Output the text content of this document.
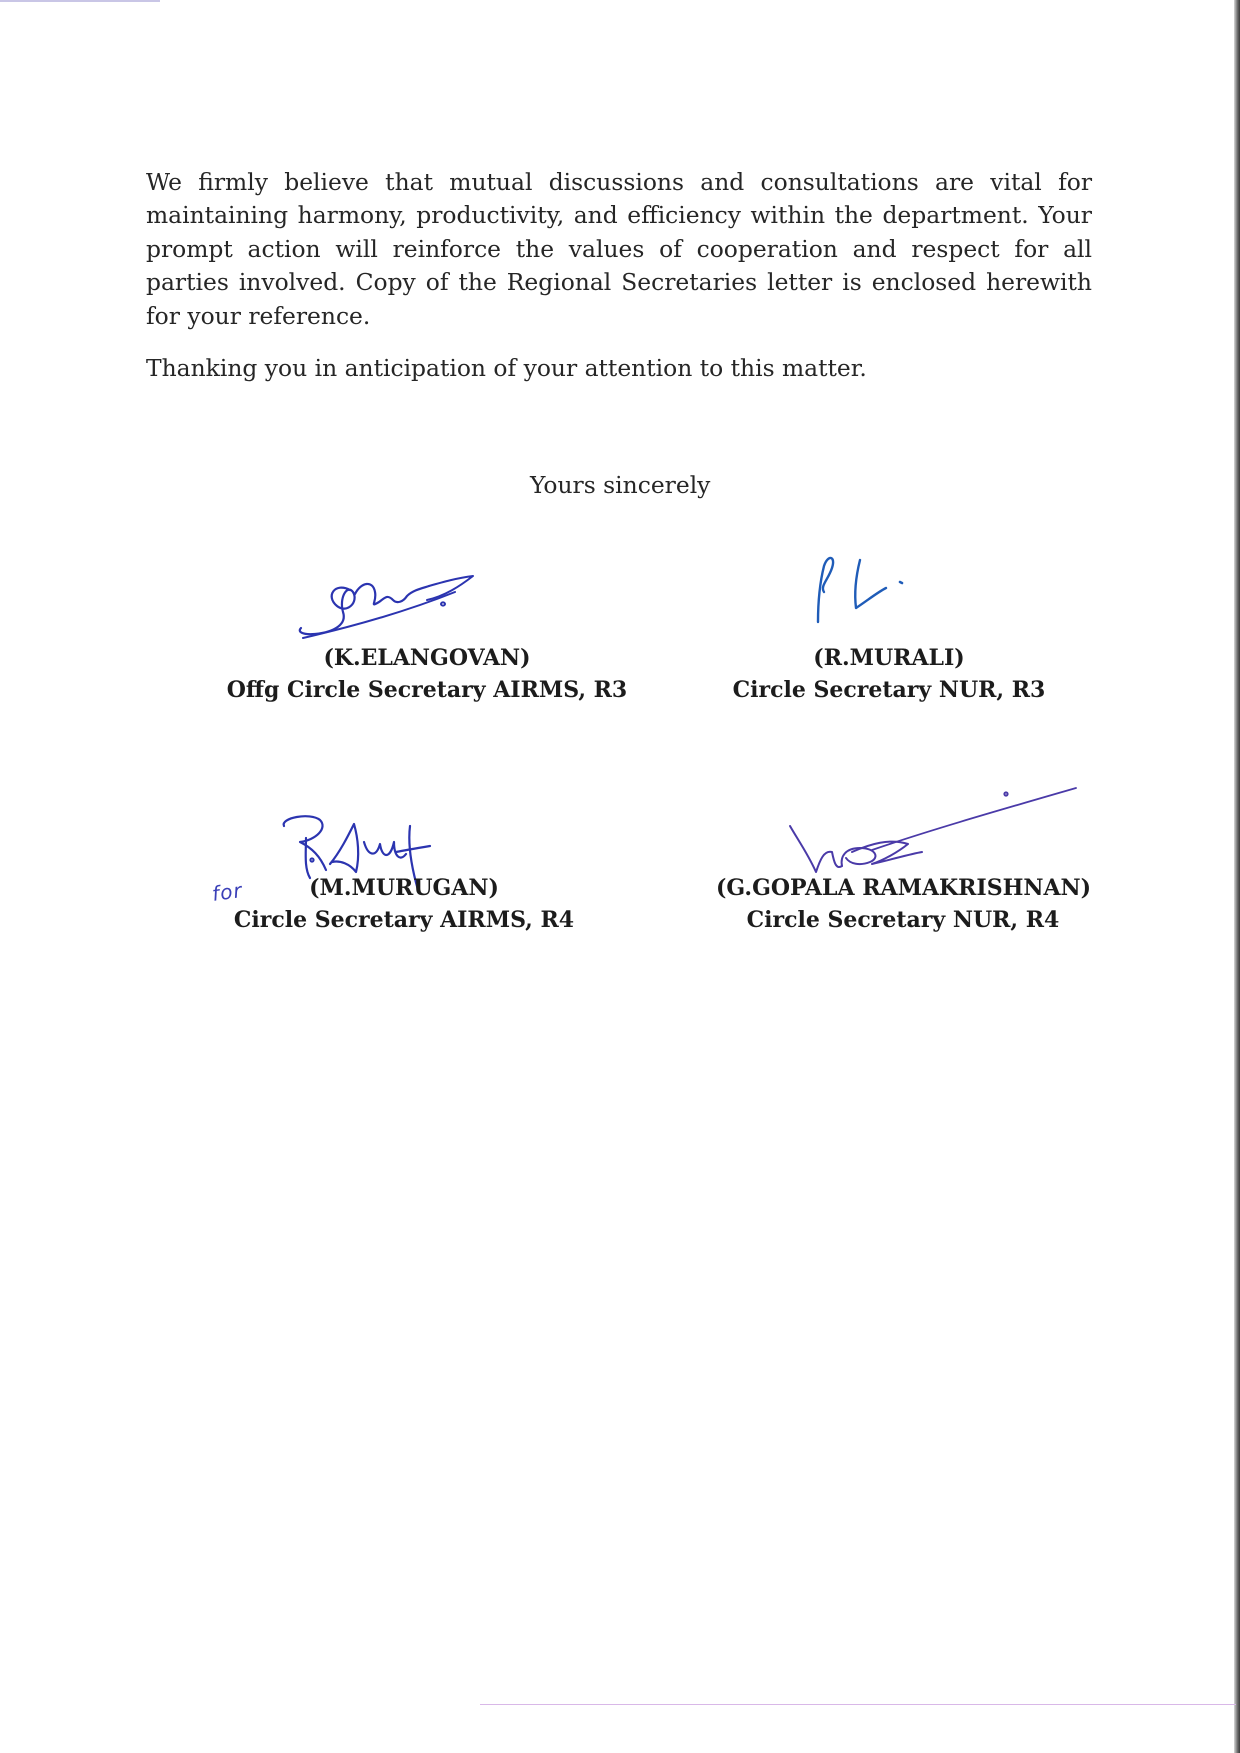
We firmly believe that mutual discussions and consultations are vital for maintaining harmony, productivity, and efficiency within the department. Your prompt action will reinforce the values of cooperation and respect for all parties involved. Copy of the Regional Secretaries letter is enclosed herewith for your reference.

Thanking you in anticipation of your attention to this matter.

Yours sincerely

for
(K.ELANGOVAN)
Offg Circle Secretary AIRMS, R3
(R.MURALI)
Circle Secretary NUR, R3
(M.MURUGAN)
Circle Secretary AIRMS, R4
(G.GOPALA RAMAKRISHNAN)
Circle Secretary NUR, R4
